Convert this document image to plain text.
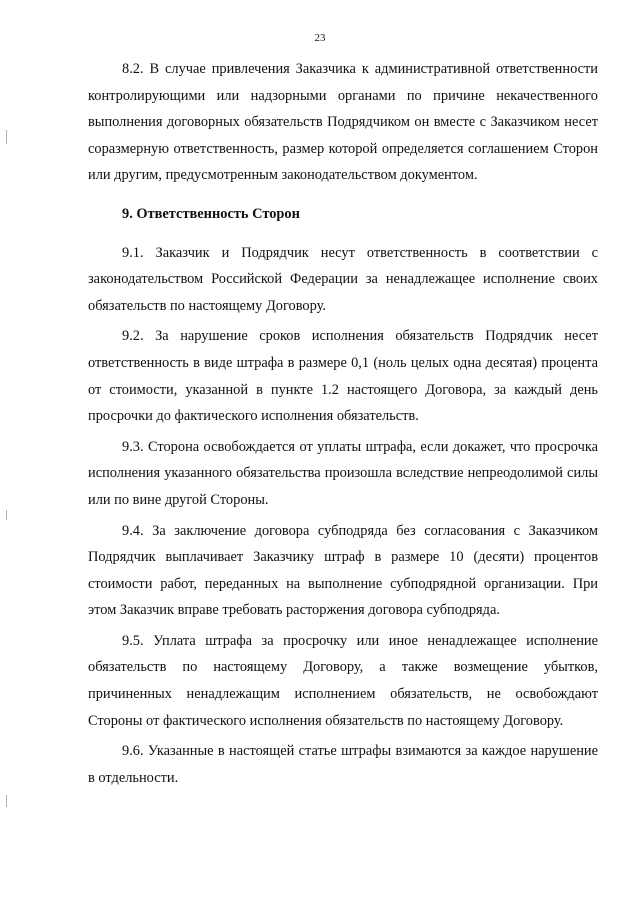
23

8.2. В случае привлечения Заказчика к административной ответственности контролирующими или надзорными органами по причине некачественного выполнения договорных обязательств Подрядчиком он вместе с Заказчиком несет соразмерную ответственность, размер которой определяется соглашением Сторон или другим, предусмотренным законодательством документом.

9. Ответственность Сторон

9.1. Заказчик и Подрядчик несут ответственность в соответствии с законодательством Российской Федерации за ненадлежащее исполнение своих обязательств по настоящему Договору.

9.2. За нарушение сроков исполнения обязательств Подрядчик несет ответственность в виде штрафа в размере 0,1 (ноль целых одна десятая) процента от стоимости, указанной в пункте 1.2 настоящего Договора, за каждый день просрочки до фактического исполнения обязательств.

9.3. Сторона освобождается от уплаты штрафа, если докажет, что просрочка исполнения указанного обязательства произошла вследствие непреодолимой силы или по вине другой Стороны.

9.4. За заключение договора субподряда без согласования с Заказчиком Подрядчик выплачивает Заказчику штраф в размере 10 (десяти) процентов стоимости работ, переданных на выполнение субподрядной организации. При этом Заказчик вправе требовать расторжения договора субподряда.

9.5. Уплата штрафа за просрочку или иное ненадлежащее исполнение обязательств по настоящему Договору, а также возмещение убытков, причиненных ненадлежащим исполнением обязательств, не освобождают Стороны от фактического исполнения обязательств по настоящему Договору.

9.6. Указанные в настоящей статье штрафы взимаются за каждое нарушение в отдельности.
